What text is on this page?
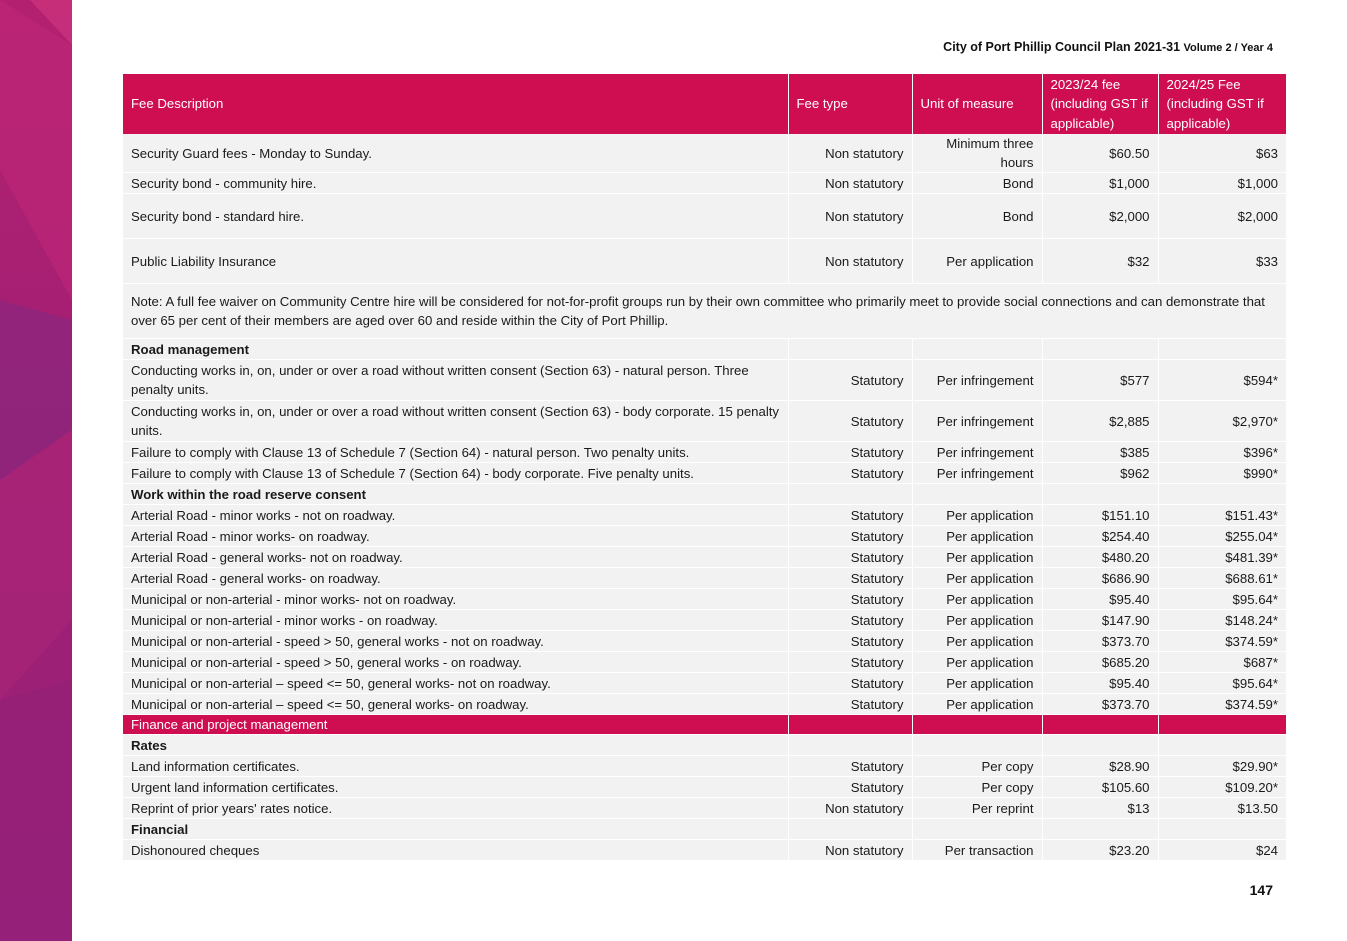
City of Port Phillip Council Plan 2021-31 Volume 2 / Year 4
Fee Description	Fee type	Unit of measure	2023/24 fee (including GST if applicable)	2024/25 Fee (including GST if applicable)
Security Guard fees - Monday to Sunday.	Non statutory	Minimum three hours	$60.50	$63
Security bond - community hire.	Non statutory	Bond	$1,000	$1,000
Security bond - standard hire.	Non statutory	Bond	$2,000	$2,000
Public Liability Insurance	Non statutory	Per application	$32	$33
Note: A full fee waiver on Community Centre hire will be considered for not-for-profit groups run by their own committee who primarily meet to provide social connections and can demonstrate that over 65 per cent of their members are aged over 60 and reside within the City of Port Phillip.				
Road management				
Conducting works in, on, under or over a road without written consent (Section 63) - natural person. Three penalty units.	Statutory	Per infringement	$577	$594*
Conducting works in, on, under or over a road without written consent (Section 63) - body corporate. 15 penalty units.	Statutory	Per infringement	$2,885	$2,970*
Failure to comply with Clause 13 of Schedule 7 (Section 64) - natural person. Two penalty units.	Statutory	Per infringement	$385	$396*
Failure to comply with Clause 13 of Schedule 7 (Section 64) - body corporate. Five penalty units.	Statutory	Per infringement	$962	$990*
Work within the road reserve consent				
Arterial Road - minor works - not on roadway.	Statutory	Per application	$151.10	$151.43*
Arterial Road - minor works- on roadway.	Statutory	Per application	$254.40	$255.04*
Arterial Road - general works- not on roadway.	Statutory	Per application	$480.20	$481.39*
Arterial Road - general works- on roadway.	Statutory	Per application	$686.90	$688.61*
Municipal or non-arterial - minor works- not on roadway.	Statutory	Per application	$95.40	$95.64*
Municipal or non-arterial - minor works - on roadway.	Statutory	Per application	$147.90	$148.24*
Municipal or non-arterial - speed > 50, general works - not on roadway.	Statutory	Per application	$373.70	$374.59*
Municipal or non-arterial - speed > 50, general works - on roadway.	Statutory	Per application	$685.20	$687*
Municipal or non-arterial – speed <= 50, general works- not on roadway.	Statutory	Per application	$95.40	$95.64*
Municipal or non-arterial – speed <= 50, general works- on roadway.	Statutory	Per application	$373.70	$374.59*
Finance and project management				
Rates				
Land information certificates.	Statutory	Per copy	$28.90	$29.90*
Urgent land information certificates.	Statutory	Per copy	$105.60	$109.20*
Reprint of prior years' rates notice.	Non statutory	Per reprint	$13	$13.50
Financial				
Dishonoured cheques	Non statutory	Per transaction	$23.20	$24
147
